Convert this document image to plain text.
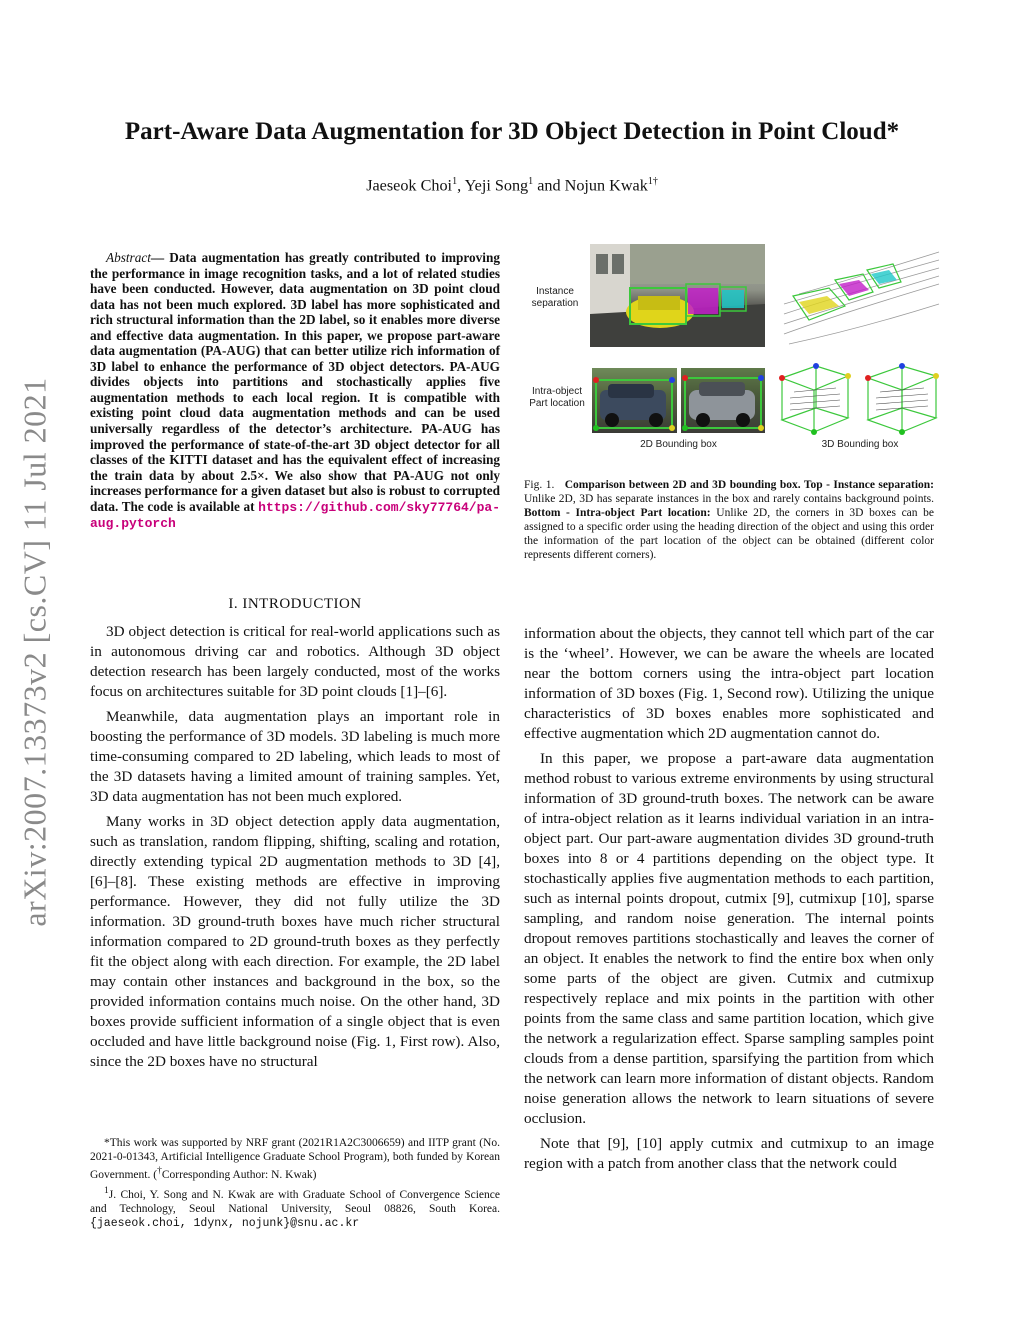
arXiv:2007.13373v2 [cs.CV] 11 Jul 2021
Part-Aware Data Augmentation for 3D Object Detection in Point Cloud*
Jaeseok Choi$^1$, Yeji Song$^1$ and Nojun Kwak$^{1\dagger}$
Abstract— Data augmentation has greatly contributed to improving the performance in image recognition tasks, and a lot of related studies have been conducted. However, data augmentation on 3D point cloud data has not been much explored. 3D label has more sophisticated and rich structural information than the 2D label, so it enables more diverse and effective data augmentation. In this paper, we propose part-aware data augmentation (PA-AUG) that can better utilize rich information of 3D label to enhance the performance of 3D object detectors. PA-AUG divides objects into partitions and stochastically applies five augmentation methods to each local region. It is compatible with existing point cloud data augmentation methods and can be used universally regardless of the detector’s architecture. PA-AUG has improved the performance of state-of-the-art 3D object detector for all classes of the KITTI dataset and has the equivalent effect of increasing the train data by about 2.5×. We also show that PA-AUG not only increases performance for a given dataset but also is robust to corrupted data. The code is available at https://github.com/sky77764/pa-aug.pytorch
I. INTRODUCTION

3D object detection is critical for real-world applications such as in autonomous driving car and robotics. Although 3D object detection research has been largely conducted, most of the works focus on architectures suitable for 3D point clouds [1]–[6].

Meanwhile, data augmentation plays an important role in boosting the performance of 3D models. 3D labeling is much more time-consuming compared to 2D labeling, which leads to most of the 3D datasets having a limited amount of training samples. Yet, 3D data augmentation has not been much explored.

Many works in 3D object detection apply data augmentation, such as translation, random flipping, shifting, scaling and rotation, directly extending typical 2D augmentation methods to 3D [4], [6]–[8]. These existing methods are effective in improving performance. However, they did not fully utilize the 3D information. 3D ground-truth boxes have much richer structural information compared to 2D ground-truth boxes as they perfectly fit the object along with each direction. For example, the 2D label may contain other instances and background in the box, so the provided information contains much noise. On the other hand, 3D boxes provide sufficient information of a single object that is even occluded and have little background noise (Fig. 1, First row). Also, since the 2D boxes have no structural

*This work was supported by NRF grant (2021R1A2C3006659) and IITP grant (No. 2021-0-01343, Artificial Intelligence Graduate School Program), both funded by Korean Government. (†Corresponding Author: N. Kwak)

$^1$J. Choi, Y. Song and N. Kwak are with Graduate School of Convergence Science and Technology, Seoul National University, Seoul 08826, South Korea. {jaeseok.choi, 1dynx, nojunk}@snu.ac.kr

Instance
separation
Intra-object
Part location
2D Bounding box	3D Bounding box
Fig. 1. Comparison between 2D and 3D bounding box. Top - Instance separation: Unlike 2D, 3D has separate instances in the box and rarely contains background points. Bottom - Intra-object Part location: Unlike 2D, the corners in 3D boxes can be assigned to a specific order using the heading direction of the object and using this order the information of the part location of the object can be obtained (different color represents different corners).

information about the objects, they cannot tell which part of the car is the ‘wheel’. However, we can be aware the wheels are located near the bottom corners using the intra-object part location information of 3D boxes (Fig. 1, Second row). Utilizing the unique characteristics of 3D boxes enables more sophisticated and effective augmentation which 2D augmentation cannot do.

In this paper, we propose a part-aware data augmentation method robust to various extreme environments by using structural information of 3D ground-truth boxes. The network can be aware of intra-object relation as it learns individual variation in an intra-object part. Our part-aware augmentation divides 3D ground-truth boxes into 8 or 4 partitions depending on the object type. It stochastically applies five augmentation methods to each partition, such as internal points dropout, cutmix [9], cutmixup [10], sparse sampling, and random noise generation. The internal points dropout removes partitions stochastically and leaves the corner of an object. It enables the network to find the entire box when only some parts of the object are given. Cutmix and cutmixup respectively replace and mix points in the partition with other points from the same class and same partition location, which give the network a regularization effect. Sparse sampling samples point clouds from a dense partition, sparsifying the partition from which the network can learn more information of distant objects. Random noise generation allows the network to learn situations of severe occlusion.

Note that [9], [10] apply cutmix and cutmixup to an image region with a patch from another class that the network could
